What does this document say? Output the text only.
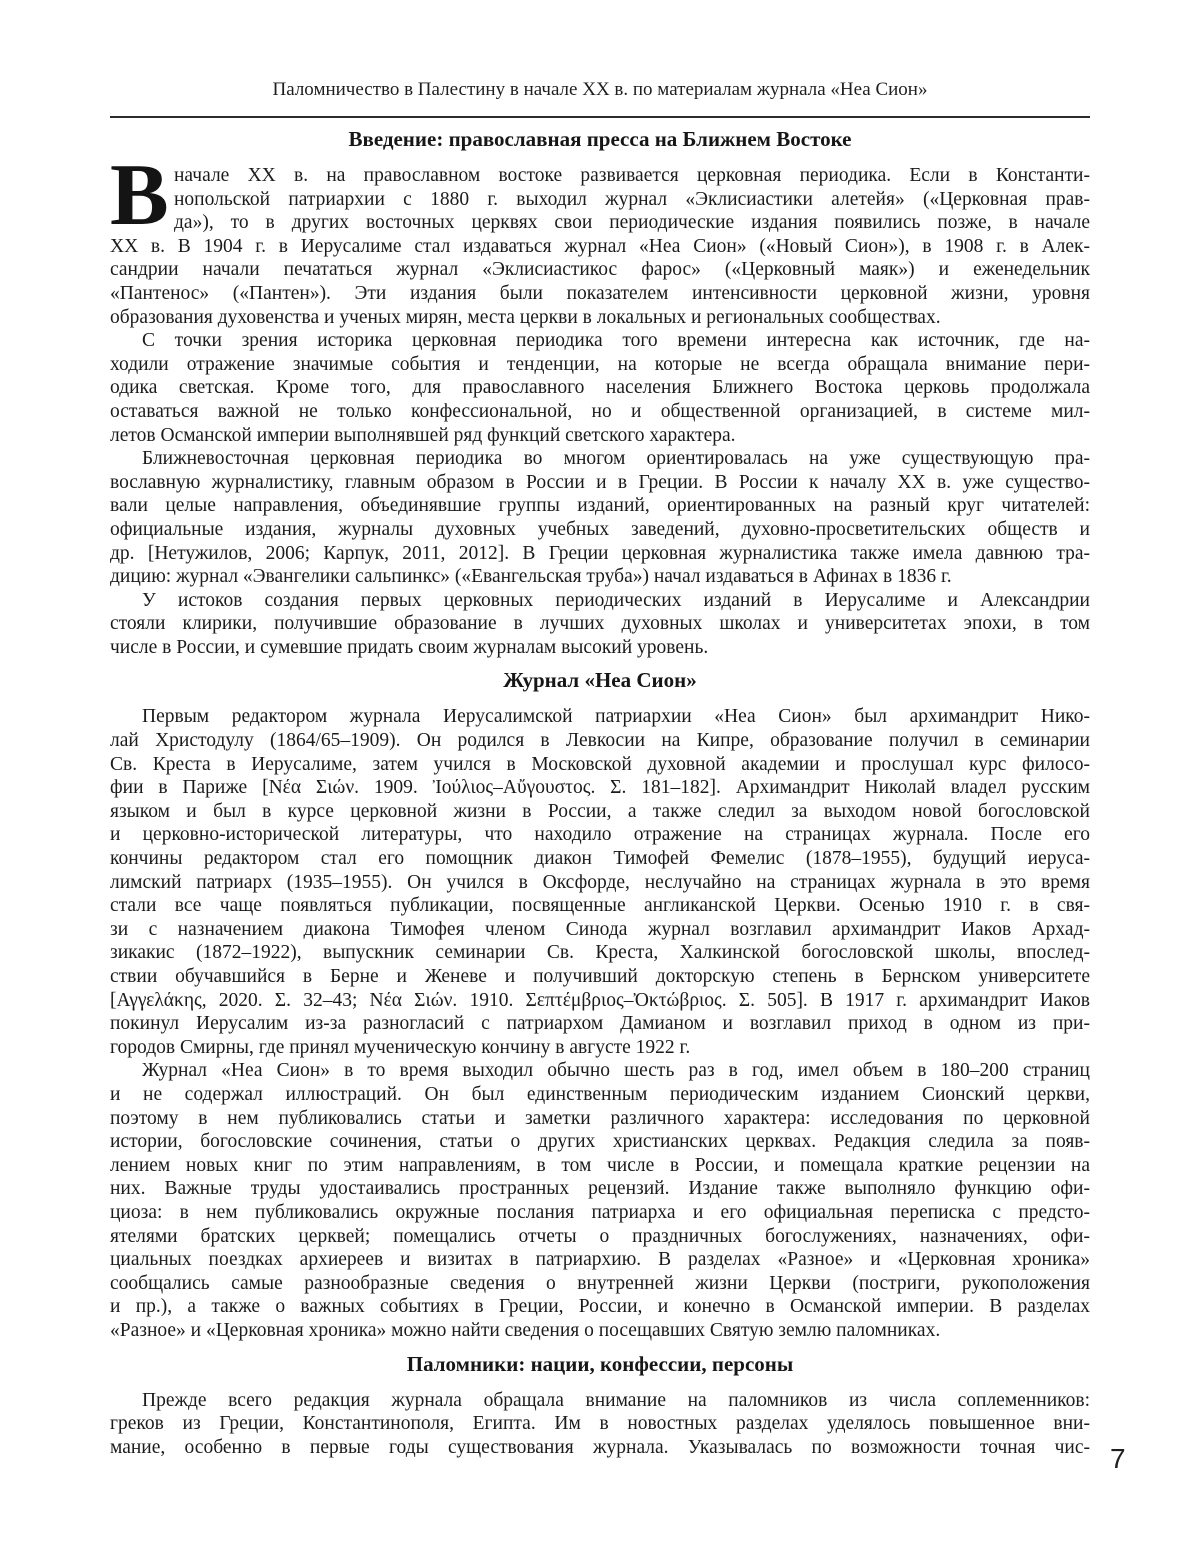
Паломничество в Палестину в начале XX в. по материалам журнала «Неа Сион»
Введение: православная пресса на Ближнем Востоке
В начале XX в. на православном востоке развивается церковная периодика. Если в Константи-
нопольской патриархии с 1880 г. выходил журнал «Эклисиастики алетейя» («Церковная прав-
да»), то в других восточных церквях свои периодические издания появились позже, в начале
XX в. В 1904 г. в Иерусалиме стал издаваться журнал «Неа Сион» («Новый Сион»), в 1908 г. в Алек-
сандрии начали печататься журнал «Эклисиастикос фарос» («Церковный маяк») и еженедельник
«Пантенос» («Пантен»). Эти издания были показателем интенсивности церковной жизни, уровня
образования духовенства и ученых мирян, места церкви в локальных и региональных сообществах.
С точки зрения историка церковная периодика того времени интересна как источник, где на-
ходили отражение значимые события и тенденции, на которые не всегда обращала внимание пери-
одика светская. Кроме того, для православного населения Ближнего Востока церковь продолжала
оставаться важной не только конфессиональной, но и общественной организацией, в системе мил-
летов Османской империи выполнявшей ряд функций светского характера.
Ближневосточная церковная периодика во многом ориентировалась на уже существующую пра-
вославную журналистику, главным образом в России и в Греции. В России к началу XX в. уже существо-
вали целые направления, объединявшие группы изданий, ориентированных на разный круг читателей:
официальные издания, журналы духовных учебных заведений, духовно-просветительских обществ и
др. [Нетужилов, 2006; Карпук, 2011, 2012]. В Греции церковная журналистика также имела давнюю тра-
дицию: журнал «Эвангелики сальпинкс» («Евангельская труба») начал издаваться в Афинах в 1836 г.
У истоков создания первых церковных периодических изданий в Иерусалиме и Александрии
стояли клирики, получившие образование в лучших духовных школах и университетах эпохи, в том
числе в России, и сумевшие придать своим журналам высокий уровень.
Журнал «Неа Сион»
Первым редактором журнала Иерусалимской патриархии «Неа Сион» был архимандрит Нико-
лай Христодулу (1864/65–1909). Он родился в Левкосии на Кипре, образование получил в семинарии
Св. Креста в Иерусалиме, затем учился в Московской духовной академии и прослушал курс филосо-
фии в Париже [Νέα Σιών. 1909. Ἰούλιος–Αὔγουστος. Σ. 181–182]. Архимандрит Николай владел русским
языком и был в курсе церковной жизни в России, а также следил за выходом новой богословской
и церковно-исторической литературы, что находило отражение на страницах журнала. После его
кончины редактором стал его помощник диакон Тимофей Фемелис (1878–1955), будущий иеруса-
лимский патриарх (1935–1955). Он учился в Оксфорде, неслучайно на страницах журнала в это время
стали все чаще появляться публикации, посвященные англиканской Церкви. Осенью 1910 г. в свя-
зи с назначением диакона Тимофея членом Синода журнал возглавил архимандрит Иаков Архад-
зикакис (1872–1922), выпускник семинарии Св. Креста, Халкинской богословской школы, впослед-
ствии обучавшийся в Берне и Женеве и получивший докторскую степень в Бернском университете
[Αγγελάκης, 2020. Σ. 32–43; Νέα Σιών. 1910. Σεπτέμβριος–Ὀκτώβριος. Σ. 505]. В 1917 г. архимандрит Иаков
покинул Иерусалим из-за разногласий с патриархом Дамианом и возглавил приход в одном из при-
городов Смирны, где принял мученическую кончину в августе 1922 г.
Журнал «Неа Сион» в то время выходил обычно шесть раз в год, имел объем в 180–200 страниц
и не содержал иллюстраций. Он был единственным периодическим изданием Сионский церкви,
поэтому в нем публиковались статьи и заметки различного характера: исследования по церковной
истории, богословские сочинения, статьи о других христианских церквах. Редакция следила за появ-
лением новых книг по этим направлениям, в том числе в России, и помещала краткие рецензии на
них. Важные труды удостаивались пространных рецензий. Издание также выполняло функцию офи-
циоза: в нем публиковались окружные послания патриарха и его официальная переписка с предсто-
ятелями братских церквей; помещались отчеты о праздничных богослужениях, назначениях, офи-
циальных поездках архиереев и визитах в патриархию. В разделах «Разное» и «Церковная хроника»
сообщались самые разнообразные сведения о внутренней жизни Церкви (постриги, рукоположения
и пр.), а также о важных событиях в Греции, России, и конечно в Османской империи. В разделах
«Разное» и «Церковная хроника» можно найти сведения о посещавших Святую землю паломниках.
Паломники: нации, конфессии, персоны
Прежде всего редакция журнала обращала внимание на паломников из числа соплеменников:
греков из Греции, Константинополя, Египта. Им в новостных разделах уделялось повышенное вни-
мание, особенно в первые годы существования журнала. Указывалась по возможности точная чис- 7
